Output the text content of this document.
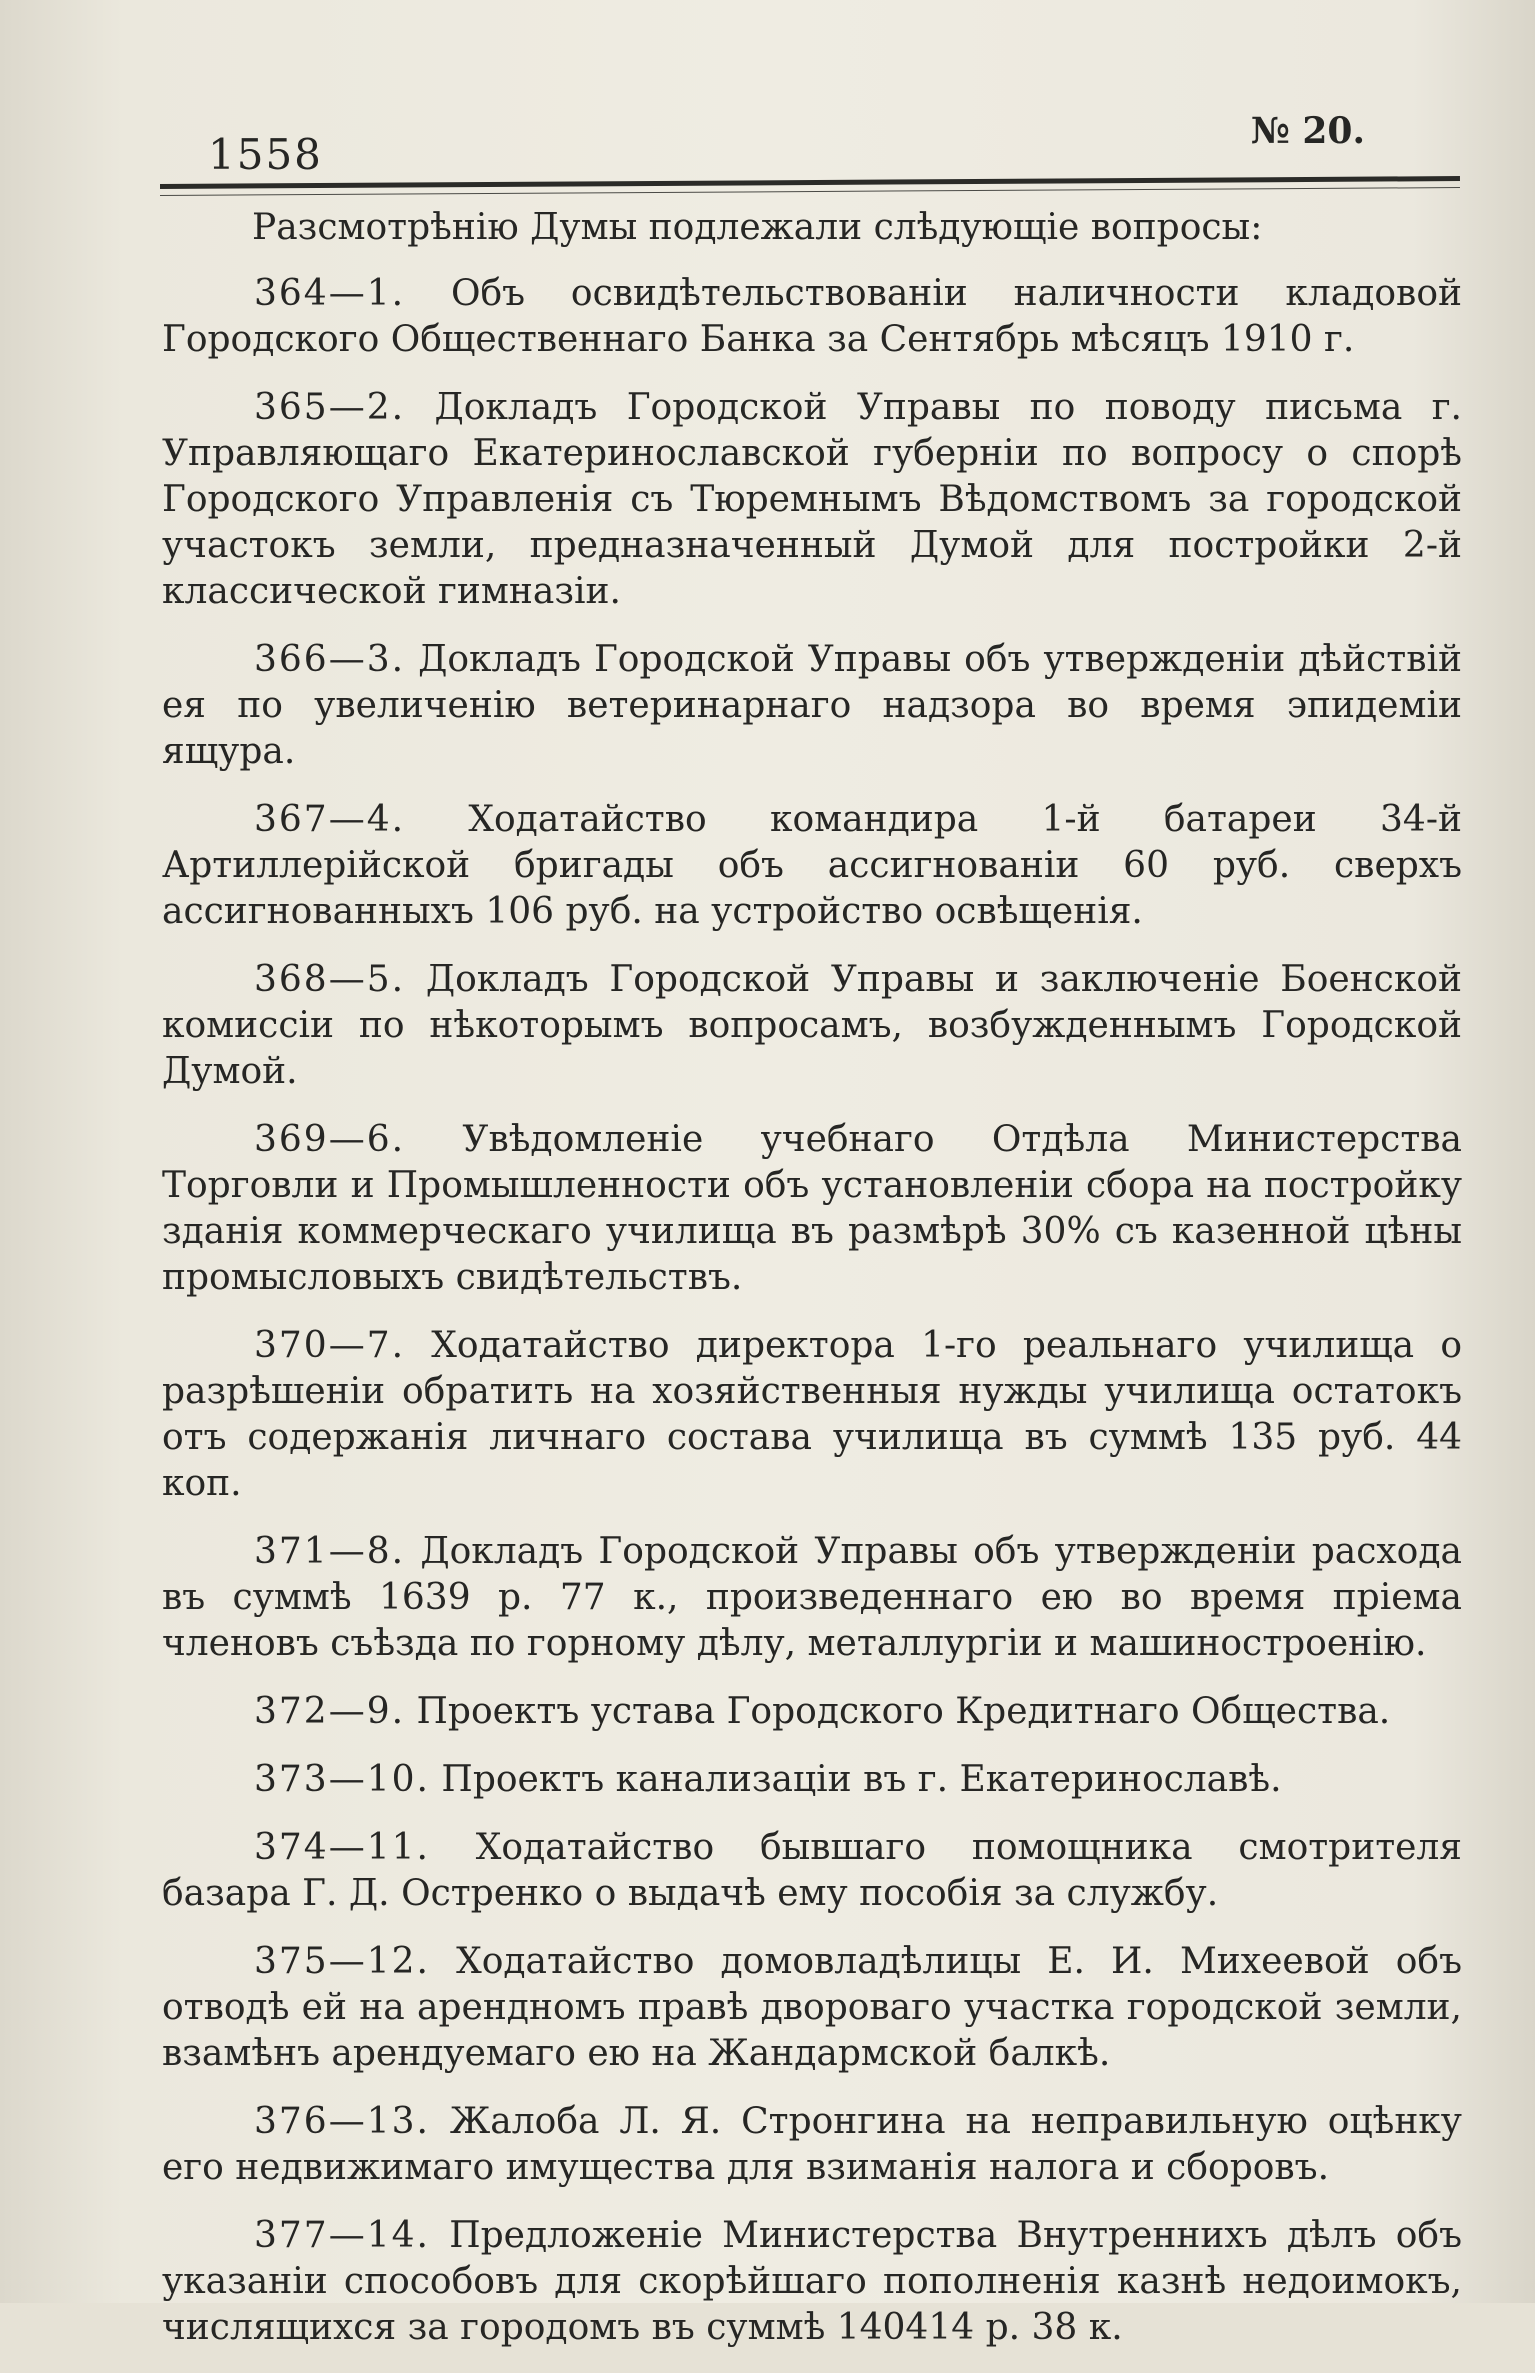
1558	№ 20.

Разсмотрѣнію Думы подлежали слѣдующіе вопросы:

364—1. Объ освидѣтельствованіи наличности кладовой Городского Общественнаго Банка за Сентябрь мѣсяцъ 1910 г.

365—2. Докладъ Городской Управы по поводу письма г. Управляющаго Екатеринославской губерніи по вопросу о спорѣ Городского Управленія съ Тюремнымъ Вѣдомствомъ за городской участокъ земли, предназначенный Думой для постройки 2-й классической гимназіи.

366—3. Докладъ Городской Управы объ утвержденіи дѣйствій ея по увеличенію ветеринарнаго надзора во время эпидеміи ящура.

367—4. Ходатайство командира 1-й батареи 34-й Артиллерійской бригады объ ассигнованіи 60 руб. сверхъ ассигнованныхъ 106 руб. на устройство освѣщенія.

368—5. Докладъ Городской Управы и заключеніе Боенской комиссіи по нѣкоторымъ вопросамъ, возбужденнымъ Городской Думой.

369—6. Увѣдомленіе учебнаго Отдѣла Министерства Торговли и Промышленности объ установленіи сбора на постройку зданія коммерческаго училища въ размѣрѣ 30% съ казенной цѣны промысловыхъ свидѣтельствъ.

370—7. Ходатайство директора 1-го реальнаго училища о разрѣшеніи обратить на хозяйственныя нужды училища остатокъ отъ содержанія личнаго состава училища въ суммѣ 135 руб. 44 коп.

371—8. Докладъ Городской Управы объ утвержденіи расхода въ суммѣ 1639 р. 77 к., произведеннаго ею во время пріема членовъ съѣзда по горному дѣлу, металлургіи и машиностроенію.

372—9. Проектъ устава Городского Кредитнаго Общества.

373—10. Проектъ канализаціи въ г. Екатеринославѣ.

374—11. Ходатайство бывшаго помощника смотрителя базара Г. Д. Остренко о выдачѣ ему пособія за службу.

375—12. Ходатайство домовладѣлицы Е. И. Михеевой объ отводѣ ей на арендномъ правѣ двороваго участка городской земли, взамѣнъ арендуемаго ею на Жандармской балкѣ.

376—13. Жалоба Л. Я. Стронгина на неправильную оцѣнку его недвижимаго имущества для взиманія налога и сборовъ.

377—14. Предложеніе Министерства Внутреннихъ дѣлъ объ указаніи способовъ для скорѣйшаго пополненія казнѣ недоимокъ, числящихся за городомъ въ суммѣ 140414 р. 38 к.
